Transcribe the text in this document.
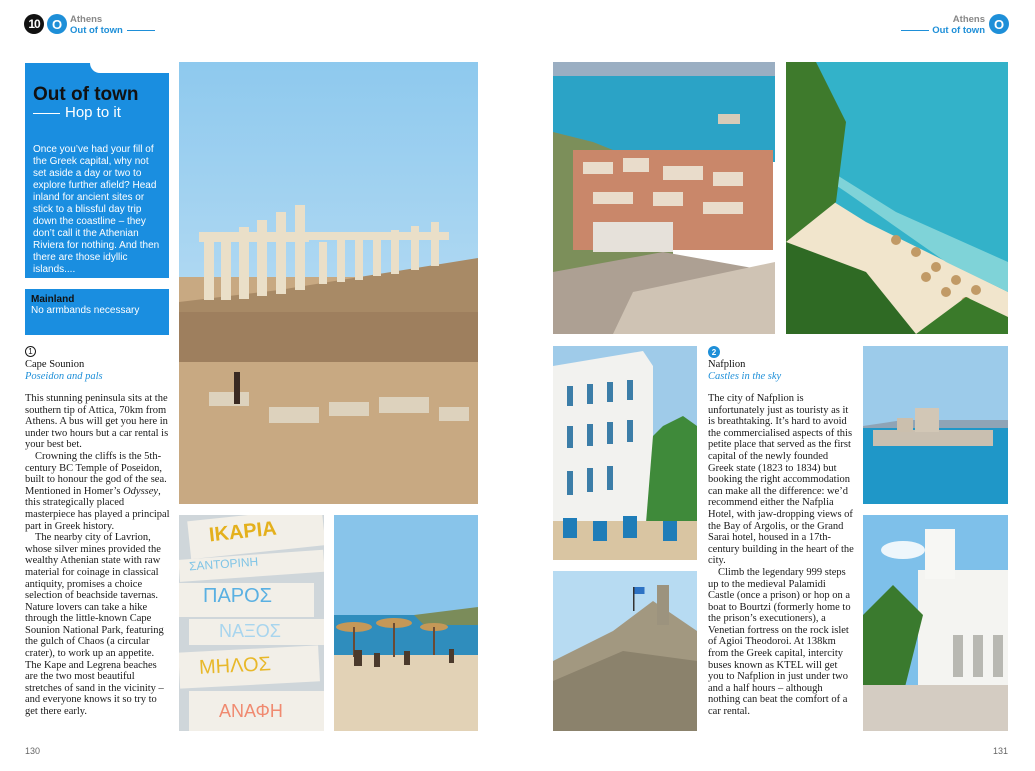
10 O Athens
Out of town
Athens
Out of town O
Out of town
Hop to it
Once you’ve had your fill of the Greek capital, why not set aside a day or two to explore further afield? Head inland for ancient sites or stick to a blissful day trip down the coastline – they don’t call it the Athenian Riviera for nothing. And then there are those idyllic islands....
Mainland
No armbands necessary
1
Cape Sounion
Poseidon and pals

This stunning peninsula sits at the southern tip of Attica, 70km from Athens. A bus will get you here in under two hours but a car rental is your best bet.

Crowning the cliffs is the 5th-century BC Temple of Poseidon, built to honour the god of the sea. Mentioned in Homer’s Odyssey, this strategically placed masterpiece has played a principal part in Greek history.

The nearby city of Lavrion, whose silver mines provided the wealthy Athenian state with raw material for coinage in classical antiquity, promises a choice selection of beachside tavernas. Nature lovers can take a hike through the little-known Cape Sounion National Park, featuring the gulch of Chaos (a circular crater), to work up an appetite. The Kape and Legrena beaches are the two most beautiful stretches of sand in the vicinity – and everyone knows it so try to get there early.

ΙΚΑΡΙΑ
ΣΑΝΤΟΡΙΝΗ
ΠΑΡΟΣ
ΝΑΞΟΣ
ΜΗΛΟΣ
ΑΝΑΦΗ
130
2
Nafplion
Castles in the sky

The city of Nafplion is unfortunately just as touristy as it is breathtaking. It’s hard to avoid the commercialised aspects of this petite place that served as the first capital of the newly founded Greek state (1823 to 1834) but booking the right accommodation can make all the difference: we’d recommend either the Nafplia Hotel, with jaw-dropping views of the Bay of Argolis, or the Grand Sarai hotel, housed in a 17th-century building in the heart of the city.

Climb the legendary 999 steps up to the medieval Palamidi Castle (once a prison) or hop on a boat to Bourtzi (formerly home to the prison’s executioners), a Venetian fortress on the rock islet of Agioi Theodoroi. At 138km from the Greek capital, intercity buses known as KTEL will get you to Nafplion in just under two and a half hours – although nothing can beat the comfort of a car rental.

131
